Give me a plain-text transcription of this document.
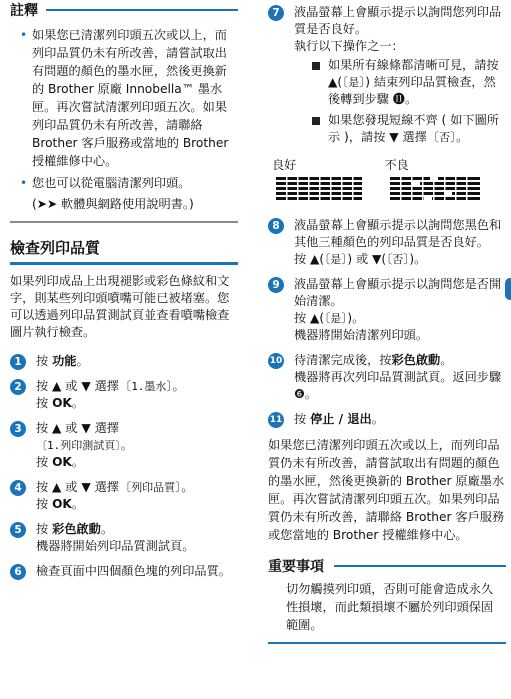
註釋
• 如果您已清潔列印頭五次或以上，而列印品質仍未有所改善，請嘗試取出有問題的顏色的墨水匣，然後更換新的 Brother 原廠 Innobella™ 墨水匣。再次嘗試清潔列印頭五次。如果列印品質仍未有所改善，請聯絡 Brother 客戶服務或當地的 Brother 授權維修中心。
• 您也可以從電腦清潔列印頭。
(➤➤ 軟體與網路使用說明書。)
檢查列印品質

如果列印成品上出現褪影或彩色條紋和文字，則某些列印頭噴嘴可能已被堵塞。您可以透過列印品質測試頁並查看噴嘴檢查圖片執行檢查。

1	按 功能。
2	按 ▲ 或 ▼ 選擇〔1.墨水〕。
按 OK。
3	按 ▲ 或 ▼ 選擇
〔1.列印測試頁〕。
按 OK。
4	按 ▲ 或 ▼ 選擇〔列印品質〕。
按 OK。
5	按 彩色啟動。
機器將開始列印品質測試頁。
6	檢查頁面中四個顏色塊的列印品質。
7	液晶螢幕上會顯示提示以詢問您列印品質是否良好。
執行以下操作之一：
如果所有線條都清晰可見，請按 ▲(〔是〕) 結束列印品質檢查，然後轉到步驟 ⓫。
如果您發現短線不齊 ( 如下圖所示 )，請按 ▼ 選擇〔否〕。
良好	不良
8	液晶螢幕上會顯示提示以詢問您黑色和其他三種顏色的列印品質是否良好。
按 ▲(〔是〕) 或 ▼(〔否〕)。
9	液晶螢幕上會顯示提示以詢問您是否開始清潔。
按 ▲(〔是〕)。
機器將開始清潔列印頭。
10 待清潔完成後，按彩色啟動。
機器將再次列印品質測試頁。返回步驟 ❻。
11 按 停止 / 退出。

如果您已清潔列印頭五次或以上，而列印品質仍未有所改善，請嘗試取出有問題的顏色的墨水匣，然後更換新的 Brother 原廠墨水匣。再次嘗試清潔列印頭五次。如果列印品質仍未有所改善，請聯絡 Brother 客戶服務或您當地的 Brother 授權維修中心。

重要事項
切勿觸摸列印頭，否則可能會造成永久性損壞，而此類損壞不屬於列印頭保固範圍。
